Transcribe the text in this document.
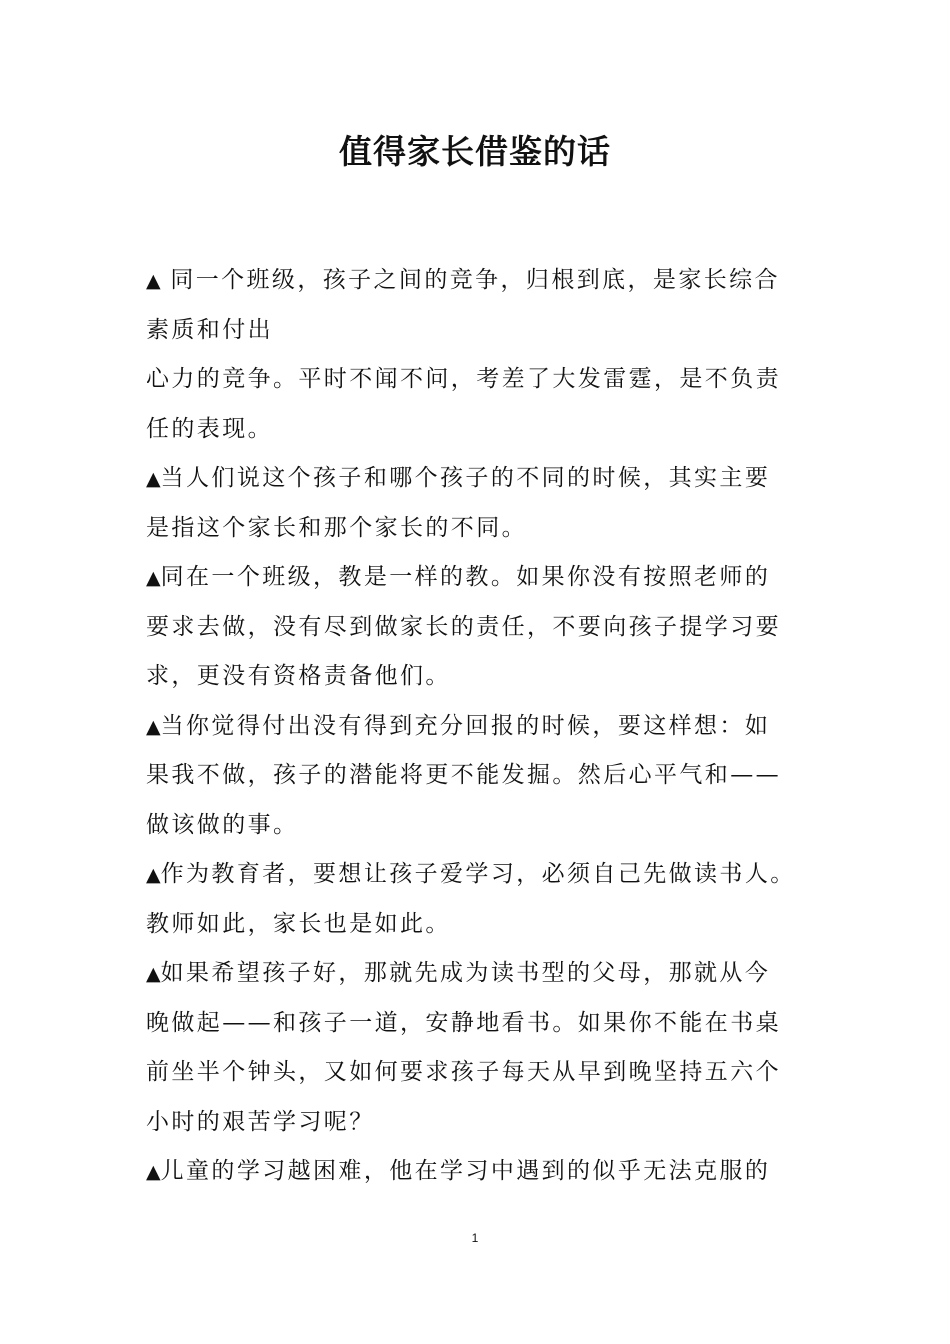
值得家长借鉴的话

▲ 同一个班级，孩子之间的竞争，归根到底，是家长综合
素质和付出
心力的竞争。平时不闻不问，考差了大发雷霆，是不负责
任的表现。

▲当人们说这个孩子和哪个孩子的不同的时候，其实主要
是指这个家长和那个家长的不同。

▲同在一个班级，教是一样的教。如果你没有按照老师的
要求去做，没有尽到做家长的责任，不要向孩子提学习要
求，更没有资格责备他们。

▲当你觉得付出没有得到充分回报的时候，要这样想：如
果我不做，孩子的潜能将更不能发掘。然后心平气和——
做该做的事。

▲作为教育者，要想让孩子爱学习，必须自己先做读书人。
教师如此，家长也是如此。

▲如果希望孩子好，那就先成为读书型的父母，那就从今
晚做起——和孩子一道，安静地看书。如果你不能在书桌
前坐半个钟头，又如何要求孩子每天从早到晚坚持五六个
小时的艰苦学习呢？

▲儿童的学习越困难，他在学习中遇到的似乎无法克服的

1
